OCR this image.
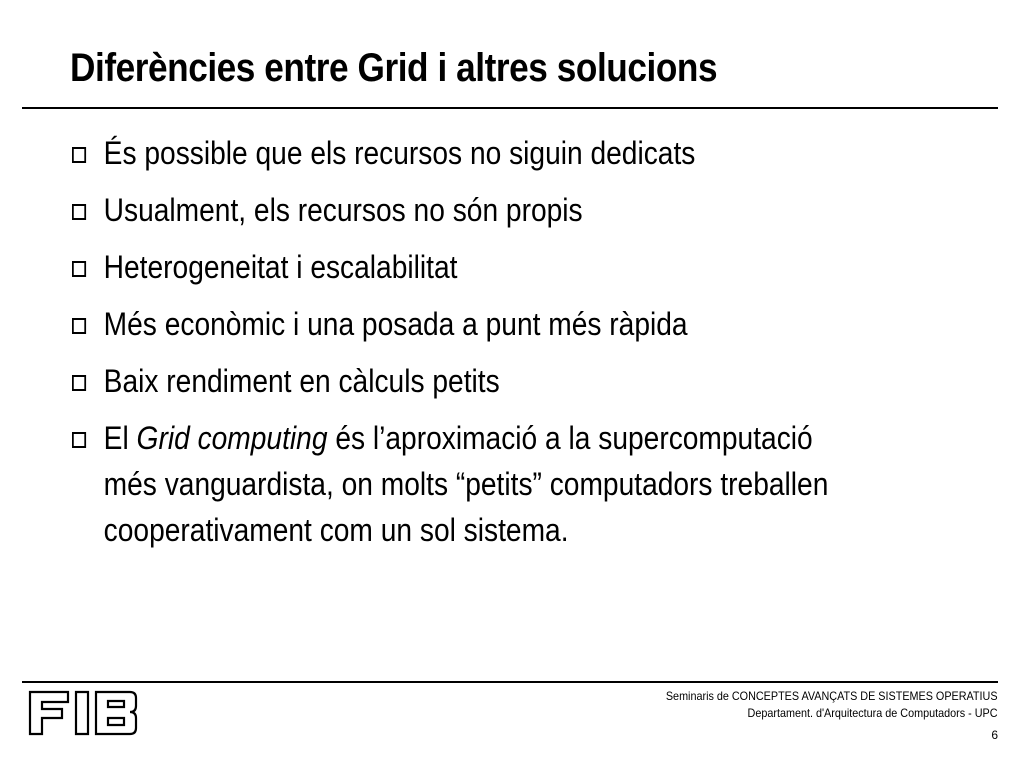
Diferències entre Grid i altres solucions
És possible que els recursos no siguin dedicats
Usualment, els recursos no són propis
Heterogeneitat i escalabilitat
Més econòmic i una posada a punt més ràpida
Baix rendiment en càlculs petits
El Grid computing és l’aproximació a la supercomputació
més vanguardista, on molts “petits” computadors treballen
cooperativament com un sol sistema.
Seminaris de CONCEPTES AVANÇATS DE SISTEMES OPERATIUS
Departament. d'Arquitectura de Computadors - UPC
6
